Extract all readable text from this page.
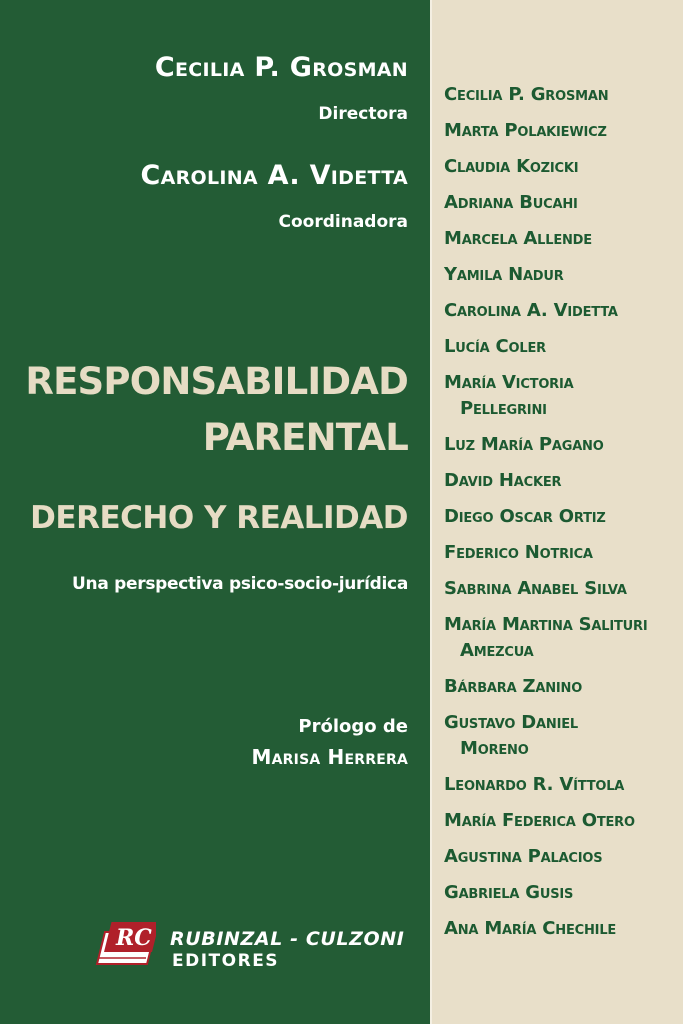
Cecilia P. Grosman
Directora
Carolina A. Videtta
Coordinadora
RESPONSABILIDAD
PARENTAL
DERECHO Y REALIDAD
Una perspectiva psico-socio-jurídica
Prólogo de
Marisa Herrera
RC RUBINZAL - CULZONI
EDITORES
Cecilia P. Grosman
Marta Polakiewicz
Claudia Kozicki
Adriana Bucahi
Marcela Allende
Yamila Nadur
Carolina A. Videtta
Lucía Coler
María Victoria
Pellegrini
Luz María Pagano
David Hacker
Diego Oscar Ortiz
Federico Notrica
Sabrina Anabel Silva
María Martina Salituri
Amezcua
Bárbara Zanino
Gustavo Daniel
Moreno
Leonardo R. Víttola
María Federica Otero
Agustina Palacios
Gabriela Gusis
Ana María Chechile
